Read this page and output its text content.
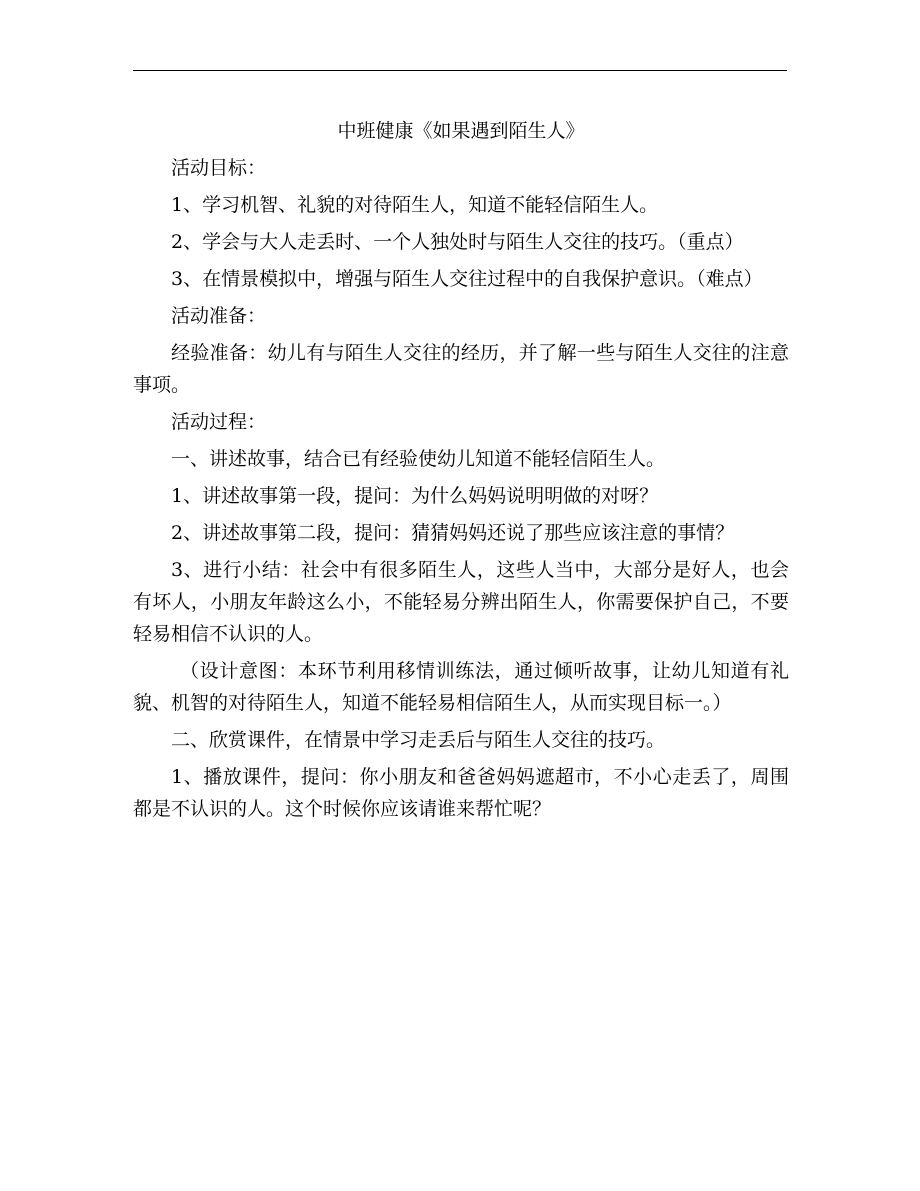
中班健康《如果遇到陌生人》

活动目标：

1、学习机智、礼貌的对待陌生人，知道不能轻信陌生人。

2、学会与大人走丢时、一个人独处时与陌生人交往的技巧。（重点）

3、在情景模拟中，增强与陌生人交往过程中的自我保护意识。（难点）

活动准备：

经验准备：幼儿有与陌生人交往的经历，并了解一些与陌生人交往的注意事项。

活动过程：

一、讲述故事，结合已有经验使幼儿知道不能轻信陌生人。

1、讲述故事第一段，提问：为什么妈妈说明明做的对呀？

2、讲述故事第二段，提问：猜猜妈妈还说了那些应该注意的事情？

3、进行小结：社会中有很多陌生人，这些人当中，大部分是好人，也会有坏人，小朋友年龄这么小，不能轻易分辨出陌生人，你需要保护自己，不要轻易相信不认识的人。

（设计意图：本环节利用移情训练法，通过倾听故事，让幼儿知道有礼貌、机智的对待陌生人，知道不能轻易相信陌生人，从而实现目标一。）

二、欣赏课件，在情景中学习走丢后与陌生人交往的技巧。

1、播放课件，提问：你小朋友和爸爸妈妈遮超市，不小心走丢了，周围都是不认识的人。这个时候你应该请谁来帮忙呢？
